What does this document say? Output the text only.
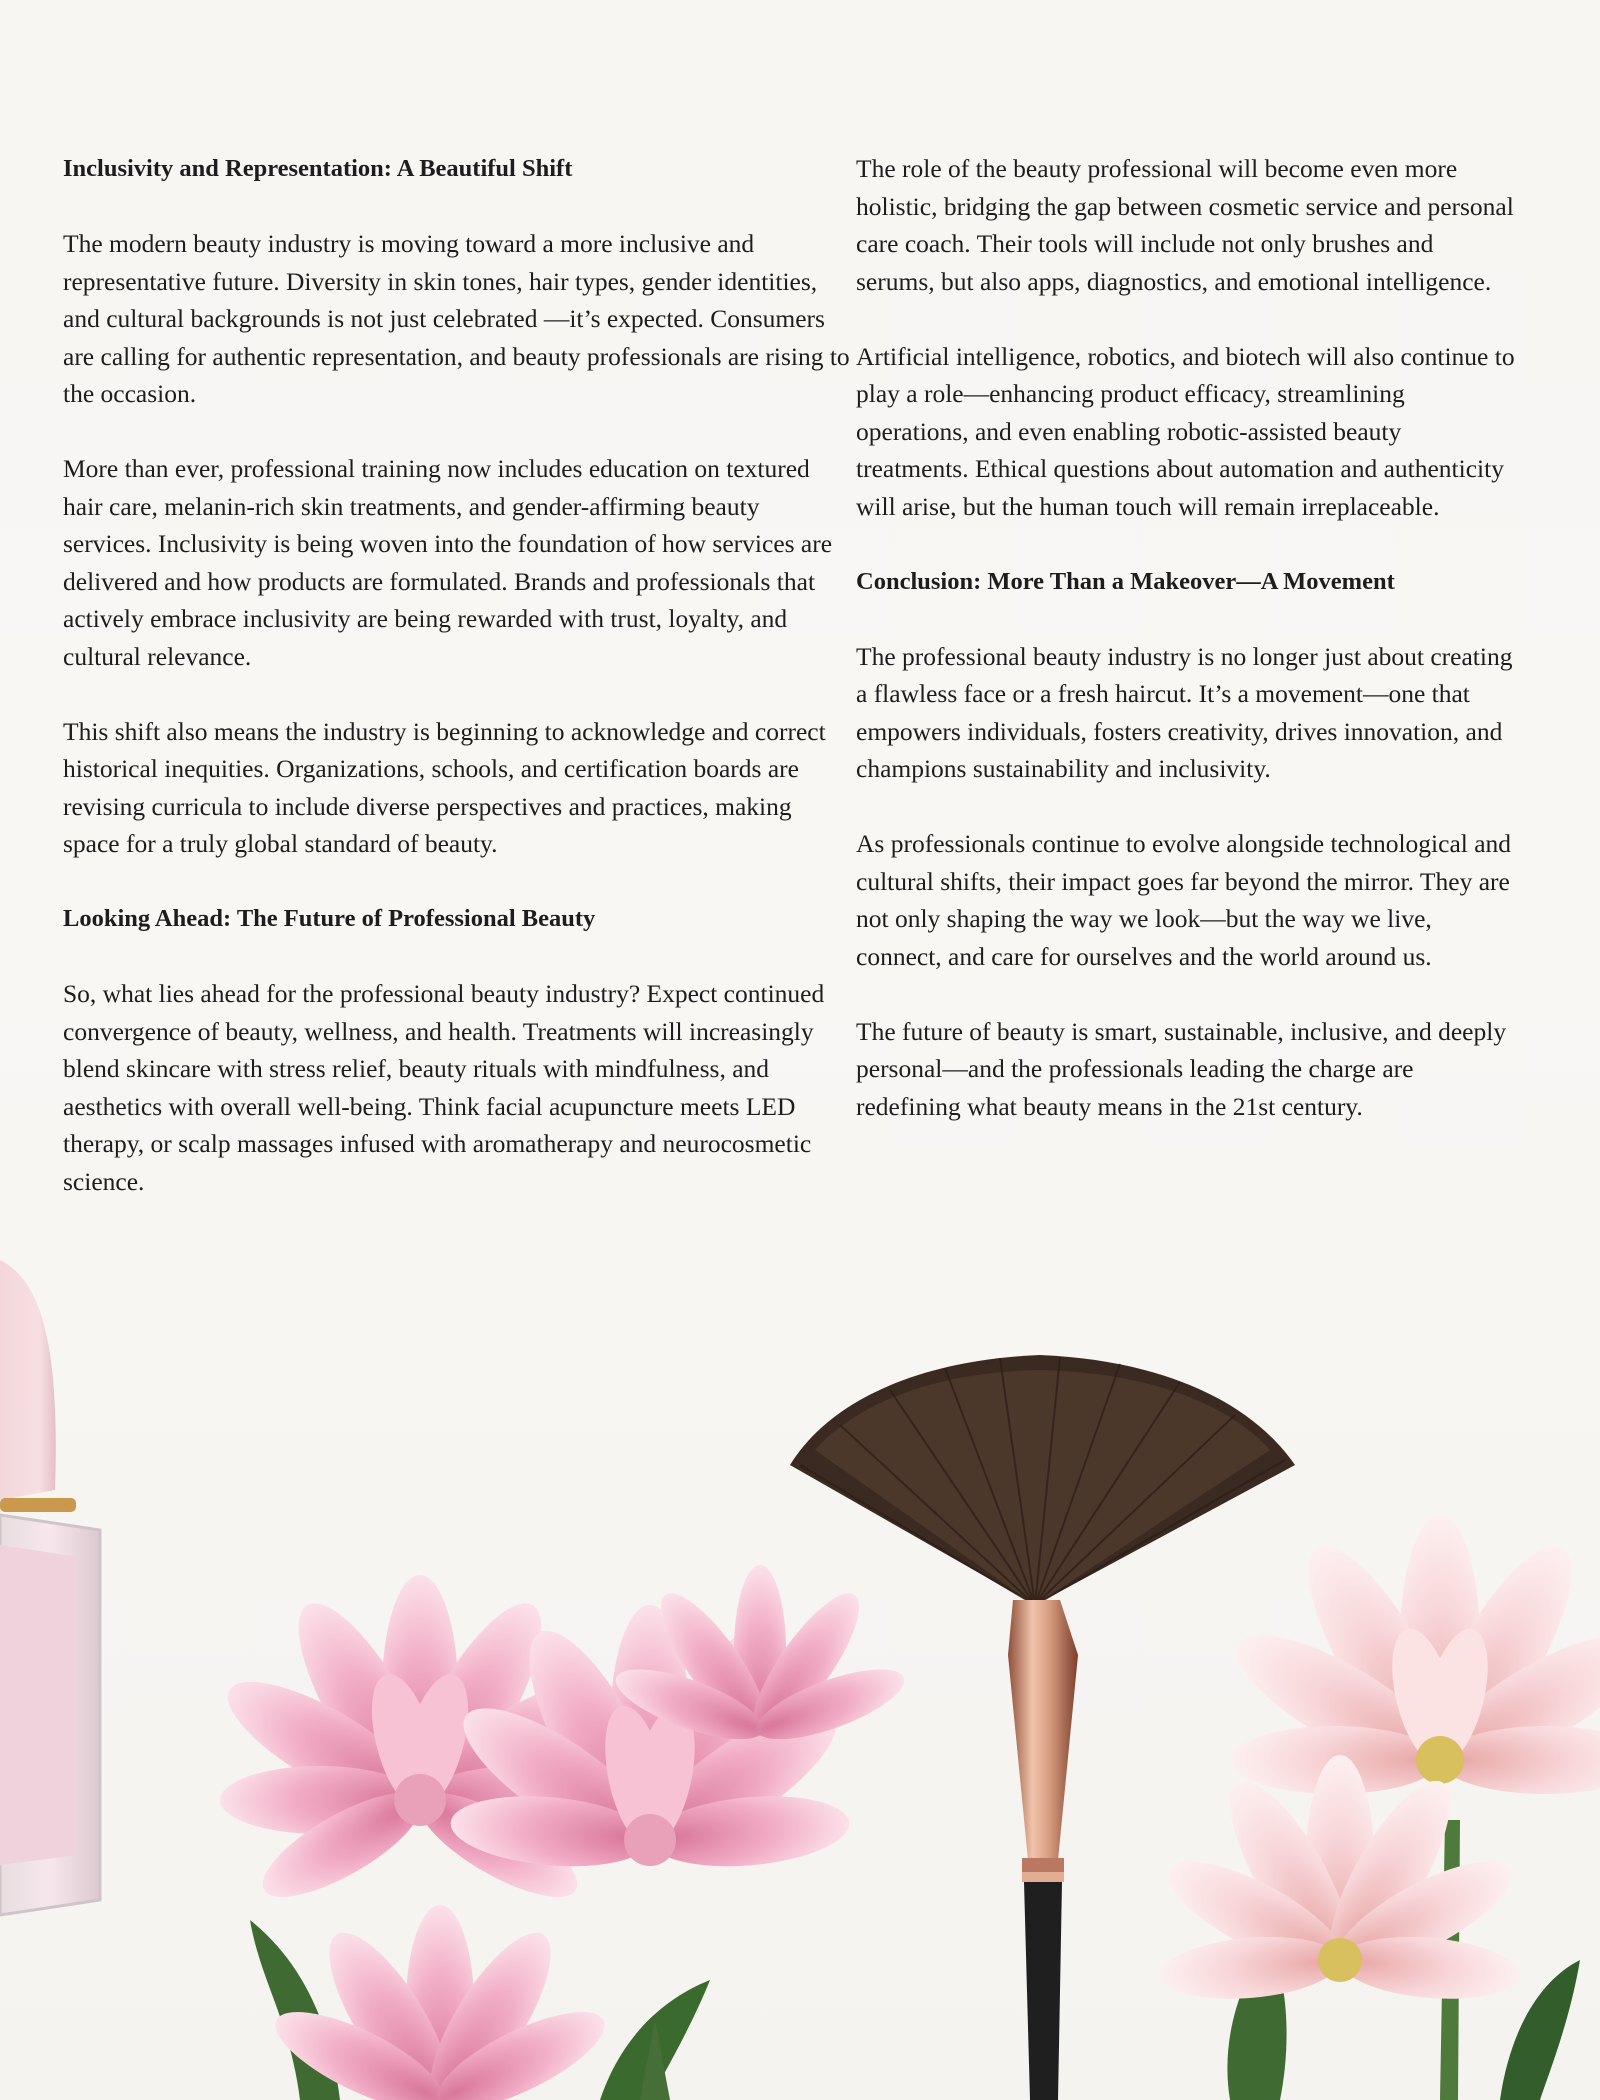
Inclusivity and Representation: A Beautiful Shift

The modern beauty industry is moving toward a more inclusive and representative future. Diversity in skin tones, hair types, gender identities, and cultural backgrounds is not just celebrated —it’s expected. Consumers are calling for authentic representation, and beauty professionals are rising to the occasion.

More than ever, professional training now includes education on textured hair care, melanin-rich skin treatments, and gender-affirming beauty services. Inclusivity is being woven into the foundation of how services are delivered and how products are formulated. Brands and professionals that actively embrace inclusivity are being rewarded with trust, loyalty, and cultural relevance.

This shift also means the industry is beginning to acknowledge and correct historical inequities. Organizations, schools, and certification boards are revising curricula to include diverse perspectives and practices, making space for a truly global standard of beauty.

Looking Ahead: The Future of Professional Beauty

So, what lies ahead for the professional beauty industry? Expect continued convergence of beauty, wellness, and health. Treatments will increasingly blend skincare with stress relief, beauty rituals with mindfulness, and aesthetics with overall well-being. Think facial acupuncture meets LED therapy, or scalp massages infused with aromatherapy and neurocosmetic science.

The role of the beauty professional will become even more holistic, bridging the gap between cosmetic service and personal care coach. Their tools will include not only brushes and serums, but also apps, diagnostics, and emotional intelligence.

Artificial intelligence, robotics, and biotech will also continue to play a role—enhancing product efficacy, streamlining operations, and even enabling robotic-assisted beauty treatments. Ethical questions about automation and authenticity will arise, but the human touch will remain irreplaceable.

Conclusion: More Than a Makeover—A Movement

The professional beauty industry is no longer just about creating a flawless face or a fresh haircut. It’s a movement—one that empowers individuals, fosters creativity, drives innovation, and champions sustainability and inclusivity.

As professionals continue to evolve alongside technological and cultural shifts, their impact goes far beyond the mirror. They are not only shaping the way we look—but the way we live, connect, and care for ourselves and the world around us.

The future of beauty is smart, sustainable, inclusive, and deeply personal—and the professionals leading the charge are redefining what beauty means in the 21st century.
